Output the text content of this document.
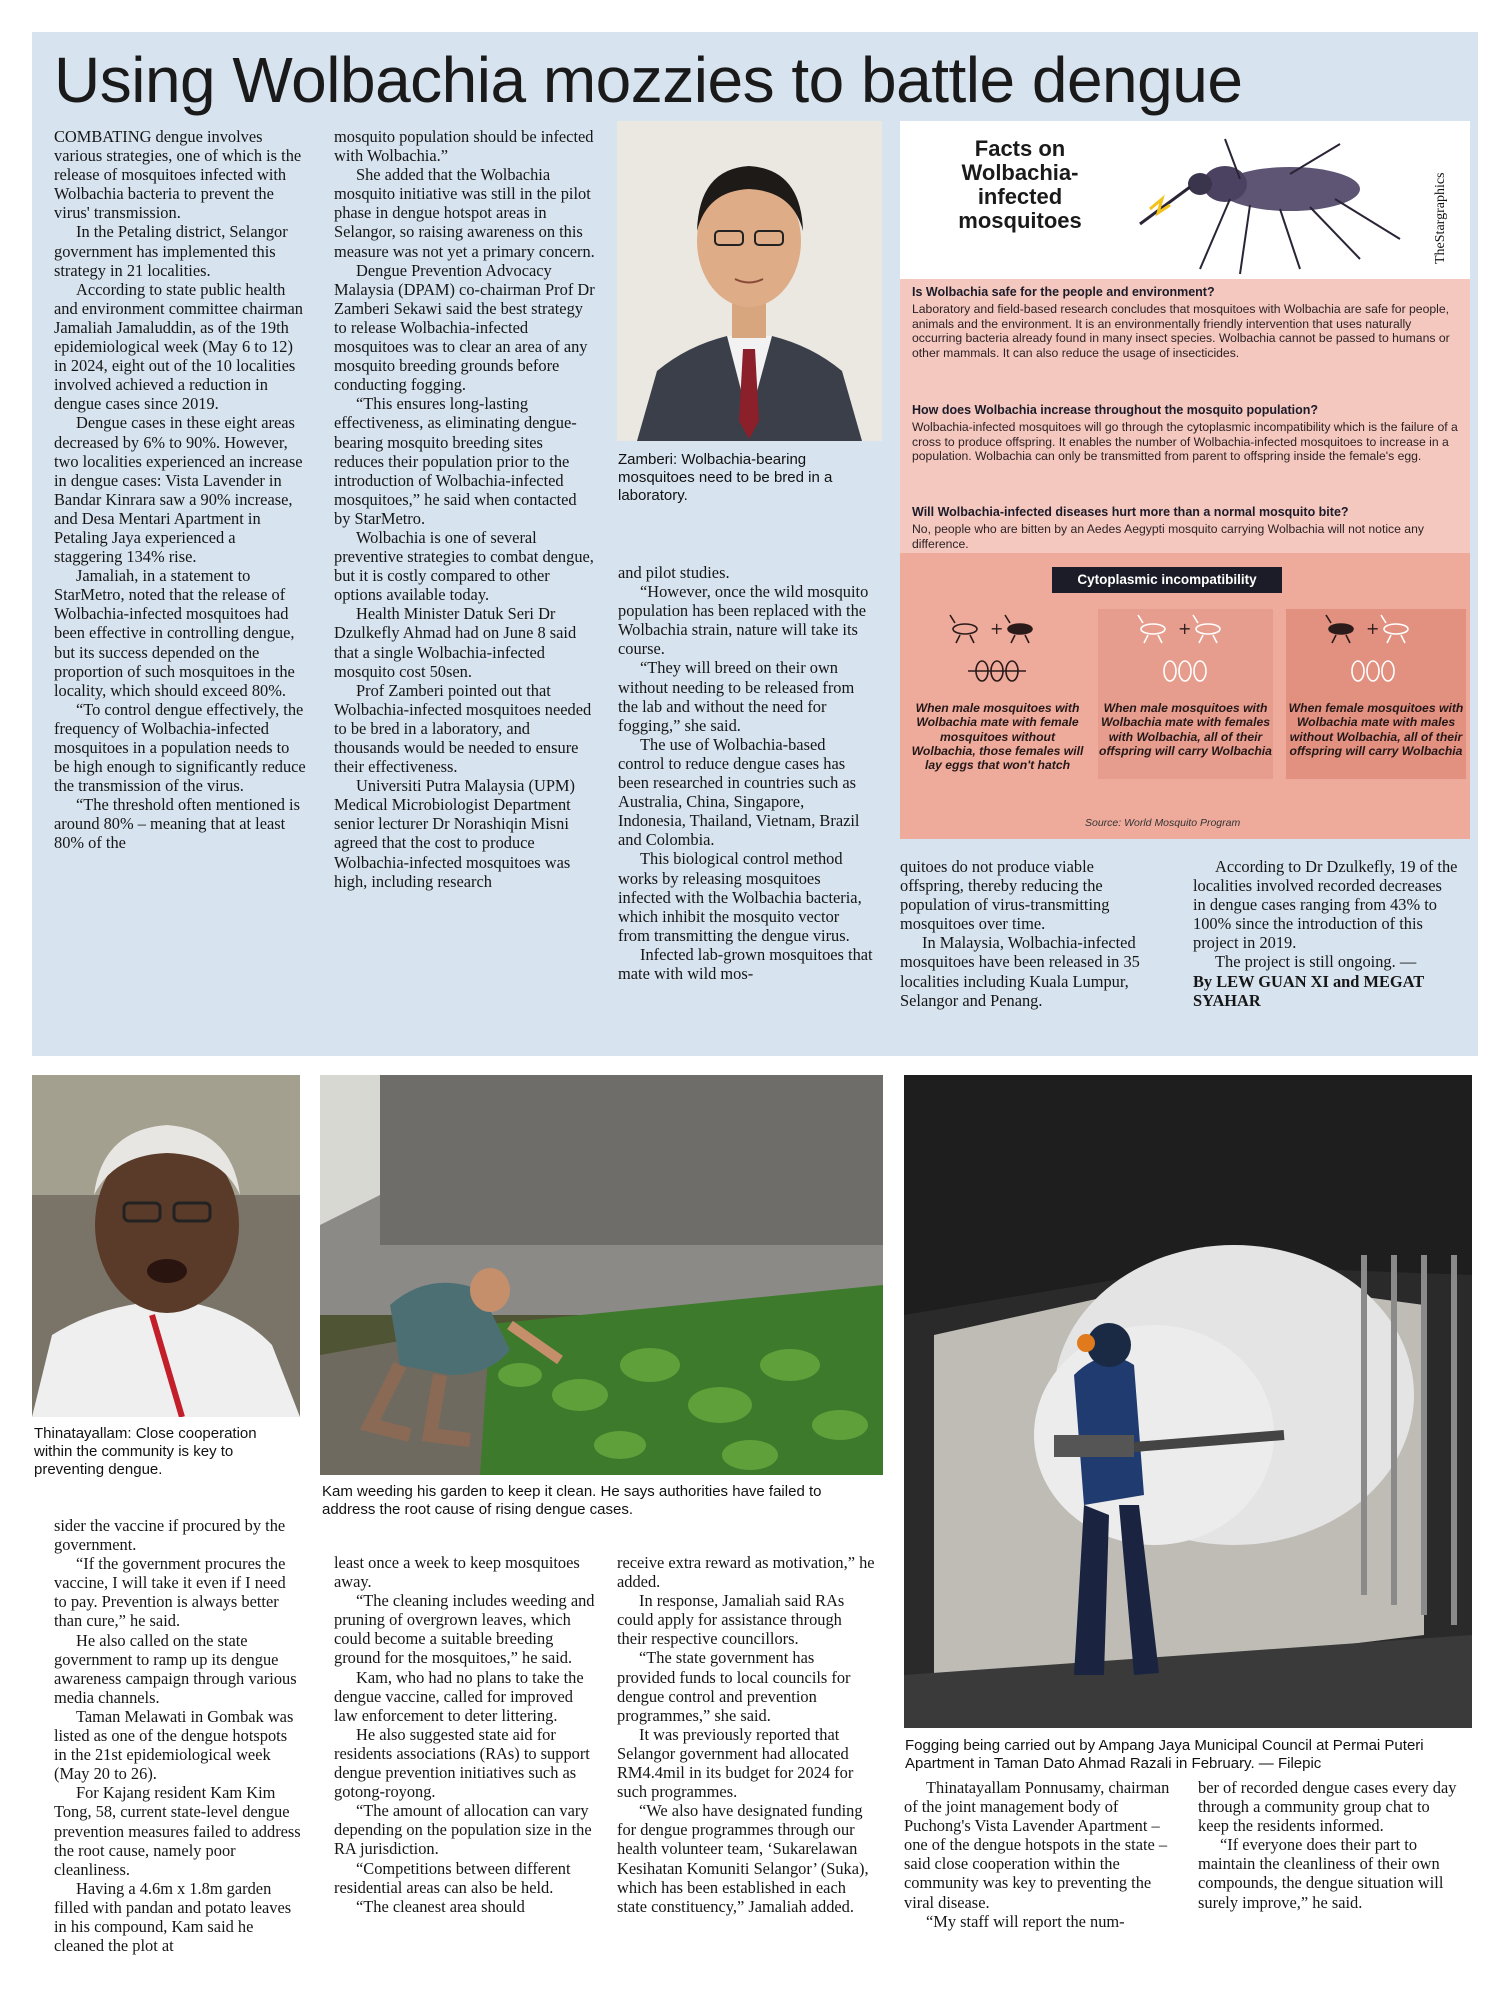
Using Wolbachia mozzies to battle dengue

COMBATING dengue involves various strategies, one of which is the release of mosquitoes infected with Wolbachia bacteria to prevent the virus' transmission.

In the Petaling district, Selangor government has implemented this strategy in 21 localities.

According to state public health and environment committee chairman Jamaliah Jamaluddin, as of the 19th epidemiological week (May 6 to 12) in 2024, eight out of the 10 localities involved achieved a reduction in dengue cases since 2019.

Dengue cases in these eight areas decreased by 6% to 90%. However, two localities experienced an increase in dengue cases: Vista Lavender in Bandar Kinrara saw a 90% increase, and Desa Mentari Apartment in Petaling Jaya experienced a staggering 134% rise.

Jamaliah, in a statement to StarMetro, noted that the release of Wolbachia-infected mosquitoes had been effective in controlling dengue, but its success depended on the proportion of such mosquitoes in the locality, which should exceed 80%.

“To control dengue effectively, the frequency of Wolbachia-infected mosquitoes in a population needs to be high enough to significantly reduce the transmission of the virus.

“The threshold often mentioned is around 80% – meaning that at least 80% of the

mosquito population should be infected with Wolbachia.”

She added that the Wolbachia mosquito initiative was still in the pilot phase in dengue hotspot areas in Selangor, so raising awareness on this measure was not yet a primary concern.

Dengue Prevention Advocacy Malaysia (DPAM) co-chairman Prof Dr Zamberi Sekawi said the best strategy to release Wolbachia-infected mosquitoes was to clear an area of any mosquito breeding grounds before conducting fogging.

“This ensures long-lasting effectiveness, as eliminating dengue-bearing mosquito breeding sites reduces their population prior to the introduction of Wolbachia-infected mosquitoes,” he said when contacted by StarMetro.

Wolbachia is one of several preventive strategies to combat dengue, but it is costly compared to other options available today.

Health Minister Datuk Seri Dr Dzulkefly Ahmad had on June 8 said that a single Wolbachia-infected mosquito cost 50sen.

Prof Zamberi pointed out that Wolbachia-infected mosquitoes needed to be bred in a laboratory, and thousands would be needed to ensure their effectiveness.

Universiti Putra Malaysia (UPM) Medical Microbiologist Department senior lecturer Dr Norashiqin Misni agreed that the cost to produce Wolbachia-infected mosquitoes was high, including research

and pilot studies.

“However, once the wild mosquito population has been replaced with the Wolbachia strain, nature will take its course.

“They will breed on their own without needing to be released from the lab and without the need for fogging,” she said.

The use of Wolbachia-based control to reduce dengue cases has been researched in countries such as Australia, China, Singapore, Indonesia, Thailand, Vietnam, Brazil and Colombia.

This biological control method works by releasing mosquitoes infected with the Wolbachia bacteria, which inhibit the mosquito vector from transmitting the dengue virus.

Infected lab-grown mosquitoes that mate with wild mos-

quitoes do not produce viable offspring, thereby reducing the population of virus-transmitting mosquitoes over time.

In Malaysia, Wolbachia-infected mosquitoes have been released in 35 localities including Kuala Lumpur, Selangor and Penang.

According to Dr Dzulkefly, 19 of the localities involved recorded decreases in dengue cases ranging from 43% to 100% since the introduction of this project in 2019.

The project is still ongoing. —

By LEW GUAN XI and MEGAT SYAHAR

Zamberi: Wolbachia-bearing mosquitoes need to be bred in a laboratory.
Facts on Wolbachia-infected mosquitoes	TheStargraphics
Is Wolbachia safe for the people and environment?
Laboratory and field-based research concludes that mosquitoes with Wolbachia are safe for people, animals and the environment. It is an environmentally friendly intervention that uses naturally occurring bacteria already found in many insect species. Wolbachia cannot be passed to humans or other mammals. It can also reduce the usage of insecticides.
How does Wolbachia increase throughout the mosquito population?
Wolbachia-infected mosquitoes will go through the cytoplasmic incompatibility which is the failure of a cross to produce offspring. It enables the number of Wolbachia-infected mosquitoes to increase in a population. Wolbachia can only be transmitted from parent to offspring inside the female's egg.
Will Wolbachia-infected diseases hurt more than a normal mosquito bite?
No, people who are bitten by an Aedes Aegypti mosquito carrying Wolbachia will not notice any difference.
Cytoplasmic incompatibility
+
When male mosquitoes with Wolbachia mate with female mosquitoes without Wolbachia, those females will lay eggs that won't hatch
+
When male mosquitoes with Wolbachia mate with females with Wolbachia, all of their offspring will carry Wolbachia
+
When female mosquitoes with Wolbachia mate with males without Wolbachia, all of their offspring will carry Wolbachia
Source: World Mosquito Program
Thinatayallam: Close cooperation within the community is key to preventing dengue.
Kam weeding his garden to keep it clean. He says authorities have failed to address the root cause of rising dengue cases.
Fogging being carried out by Ampang Jaya Municipal Council at Permai Puteri Apartment in Taman Dato Ahmad Razali in February. — Filepic

sider the vaccine if procured by the government.

“If the government procures the vaccine, I will take it even if I need to pay. Prevention is always better than cure,” he said.

He also called on the state government to ramp up its dengue awareness campaign through various media channels.

Taman Melawati in Gombak was listed as one of the dengue hotspots in the 21st epidemiological week (May 20 to 26).

For Kajang resident Kam Kim Tong, 58, current state-level dengue prevention measures failed to address the root cause, namely poor cleanliness.

Having a 4.6m x 1.8m garden filled with pandan and potato leaves in his compound, Kam said he cleaned the plot at

least once a week to keep mosquitoes away.

“The cleaning includes weeding and pruning of overgrown leaves, which could become a suitable breeding ground for the mosquitoes,” he said.

Kam, who had no plans to take the dengue vaccine, called for improved law enforcement to deter littering.

He also suggested state aid for residents associations (RAs) to support dengue prevention initiatives such as gotong-royong.

“The amount of allocation can vary depending on the population size in the RA jurisdiction.

“Competitions between different residential areas can also be held.

“The cleanest area should

receive extra reward as motivation,” he added.

In response, Jamaliah said RAs could apply for assistance through their respective councillors.

“The state government has provided funds to local councils for dengue control and prevention programmes,” she said.

It was previously reported that Selangor government had allocated RM4.4mil in its budget for 2024 for such programmes.

“We also have designated funding for dengue programmes through our health volunteer team, ‘Sukarelawan Kesihatan Komuniti Selangor’ (Suka), which has been established in each state constituency,” Jamaliah added.

Thinatayallam Ponnusamy, chairman of the joint management body of Puchong's Vista Lavender Apartment – one of the dengue hotspots in the state – said close cooperation within the community was key to preventing the viral disease.

“My staff will report the num-

ber of recorded dengue cases every day through a community group chat to keep the residents informed.

“If everyone does their part to maintain the cleanliness of their own compounds, the dengue situation will surely improve,” he said.
